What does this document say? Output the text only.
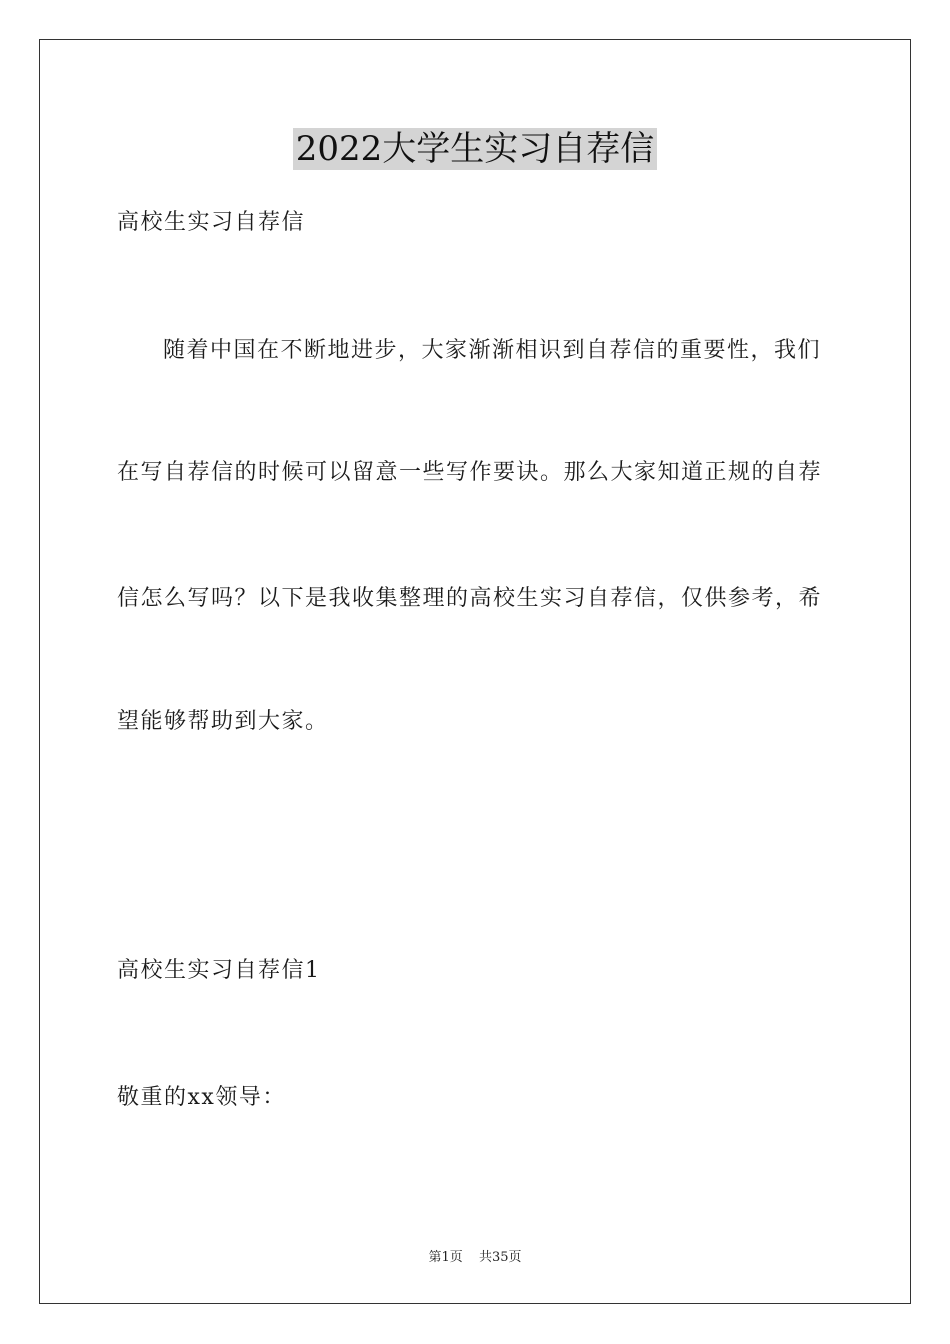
2022大学生实习自荐信
高校生实习自荐信
随着中国在不断地进步，大家渐渐相识到自荐信的重要性，我们
在写自荐信的时候可以留意一些写作要诀。那么大家知道正规的自荐
信怎么写吗？以下是我收集整理的高校生实习自荐信，仅供参考，希
望能够帮助到大家。
高校生实习自荐信1
敬重的xx领导：
第1页 共35页
